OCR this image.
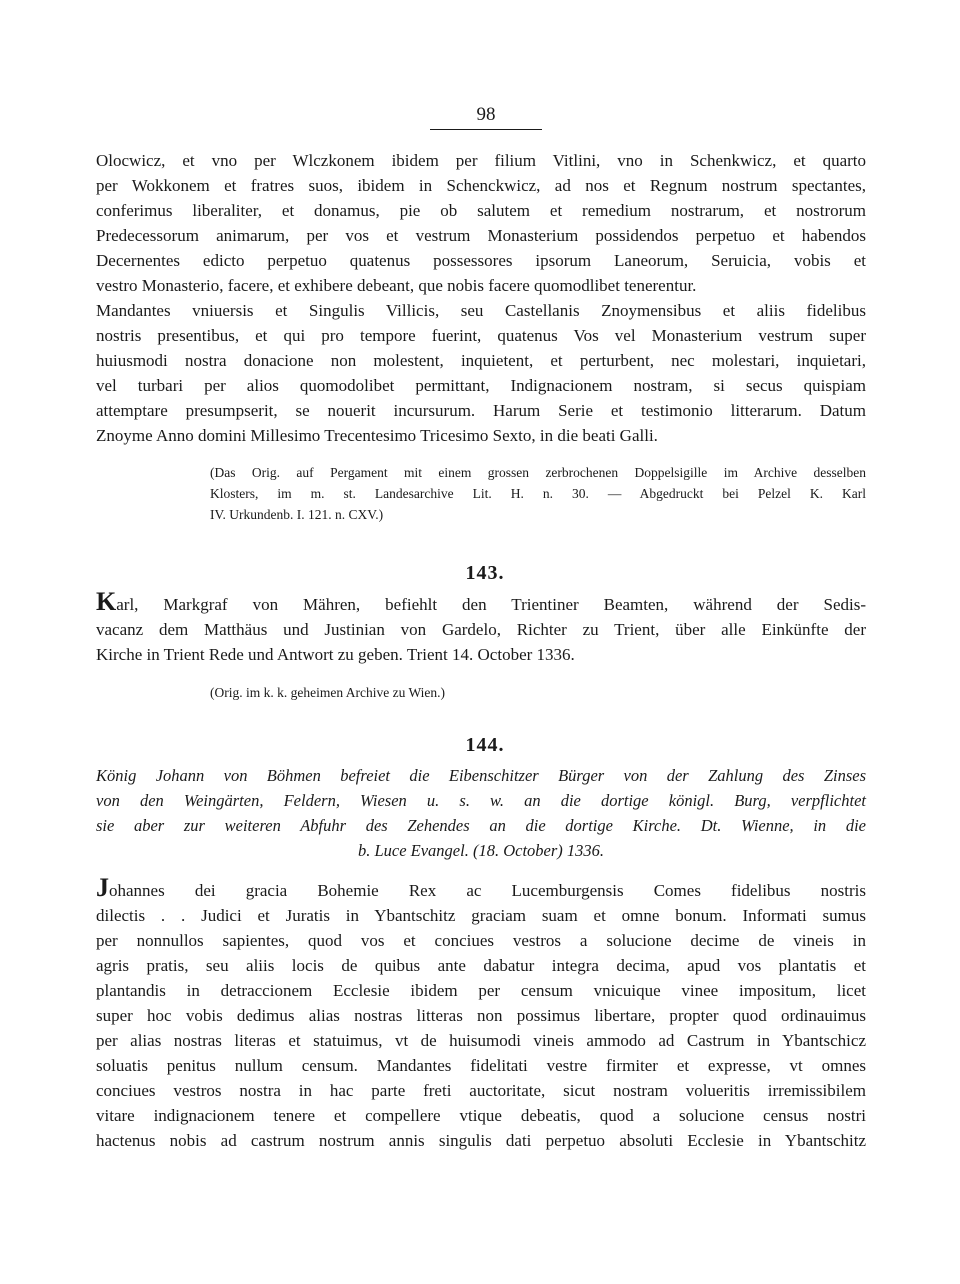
98

Olocwicz, et vno per Wlczkonem ibidem per filium Vitlini, vno in Schenkwicz, et quarto
per Wokkonem et fratres suos, ibidem in Schenckwicz, ad nos et Regnum nostrum spectantes,
conferimus liberaliter, et donamus, pie ob salutem et remedium nostrarum, et nostrorum
Predecessorum animarum, per vos et vestrum Monasterium possidendos perpetuo et habendos
Decernentes edicto perpetuo quatenus possessores ipsorum Laneorum, Seruicia, vobis et
vestro Monasterio, facere, et exhibere debeant, que nobis facere quomodlibet tenerentur.
Mandantes vniuersis et Singulis Villicis, seu Castellanis Znoymensibus et aliis fidelibus
nostris presentibus, et qui pro tempore fuerint, quatenus Vos vel Monasterium vestrum super
huiusmodi nostra donacione non molestent, inquietent, et perturbent, nec molestari, inquietari,
vel turbari per alios quomodolibet permittant, Indignacionem nostram, si secus quispiam
attemptare presumpserit, se nouerit incursurum. Harum Serie et testimonio litterarum. Datum
Znoyme Anno domini Millesimo Trecentesimo Tricesimo Sexto, in die beati Galli.

(Das Orig. auf Pergament mit einem grossen zerbrochenen Doppelsigille im Archive desselben
Klosters, im m. st. Landesarchive Lit. H. n. 30. — Abgedruckt bei Pelzel K. Karl
IV. Urkundenb. I. 121. n. CXV.)
143.
Karl, Markgraf von Mähren, befiehlt den Trientiner Beamten, während der Sedis-
vacanz dem Matthäus und Justinian von Gardelo, Richter zu Trient, über alle Einkünfte der
Kirche in Trient Rede und Antwort zu geben. Trient 14. October 1336.
(Orig. im k. k. geheimen Archive zu Wien.)
144.
König Johann von Böhmen befreiet die Eibenschitzer Bürger von der Zahlung des Zinses
von den Weingärten, Feldern, Wiesen u. s. w. an die dortige königl. Burg, verpflichtet
sie aber zur weiteren Abfuhr des Zehendes an die dortige Kirche. Dt. Wienne, in die
b. Luce Evangel. (18. October) 1336.

Johannes dei gracia Bohemie Rex ac Lucemburgensis Comes fidelibus nostris
dilectis . . Judici et Juratis in Ybantschitz graciam suam et omne bonum. Informati sumus
per nonnullos sapientes, quod vos et conciues vestros a solucione decime de vineis in
agris pratis, seu aliis locis de quibus ante dabatur integra decima, apud vos plantatis et
plantandis in detraccionem Ecclesie ibidem per censum vnicuique vinee impositum, licet
super hoc vobis dedimus alias nostras litteras non possimus libertare, propter quod ordinauimus
per alias nostras literas et statuimus, vt de huisumodi vineis ammodo ad Castrum in Ybantschicz
soluatis penitus nullum censum. Mandantes fidelitati vestre firmiter et expresse, vt omnes
conciues vestros nostra in hac parte freti auctoritate, sicut nostram volueritis irremissibilem
vitare indignacionem tenere et compellere vtique debeatis, quod a solucione census nostri
hactenus nobis ad castrum nostrum annis singulis dati perpetuo absoluti Ecclesie in Ybantschitz
